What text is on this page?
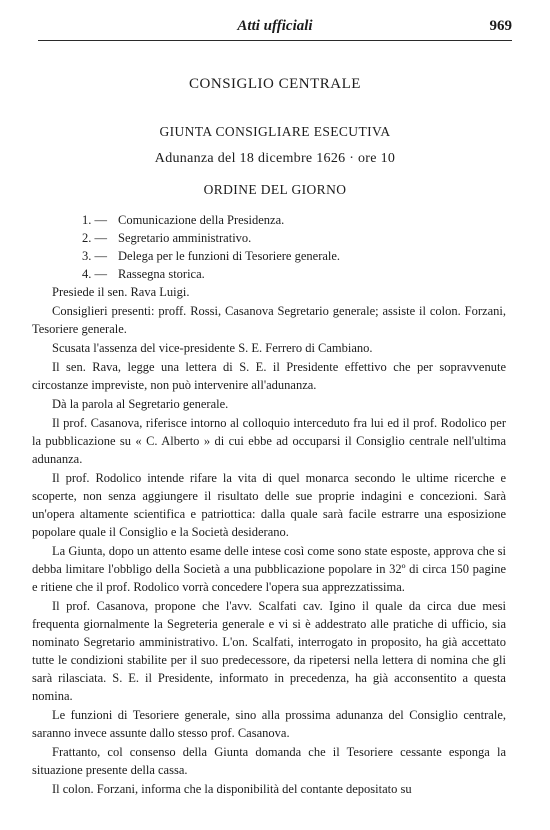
Atti ufficiali	969
CONSIGLIO CENTRALE
GIUNTA CONSIGLIARE ESECUTIVA
Adunanza del 18 dicembre 1626 · ore 10
ORDINE DEL GIORNO
1. — Comunicazione della Presidenza.
2. — Segretario amministrativo.
3. — Delega per le funzioni di Tesoriere generale.
4. — Rassegna storica.

Presiede il sen. Rava Luigi.

Consiglieri presenti: proff. Rossi, Casanova Segretario generale; assiste il colon. Forzani, Tesoriere generale.

Scusata l'assenza del vice-presidente S. E. Ferrero di Cambiano.

Il sen. Rava, legge una lettera di S. E. il Presidente effettivo che per sopravvenute circostanze impreviste, non può intervenire all'adunanza.

Dà la parola al Segretario generale.

Il prof. Casanova, riferisce intorno al colloquio interceduto fra lui ed il prof. Rodolico per la pubblicazione su « C. Alberto » di cui ebbe ad occuparsi il Consiglio centrale nell'ultima adunanza.

Il prof. Rodolico intende rifare la vita di quel monarca secondo le ultime ricerche e scoperte, non senza aggiungere il risultato delle sue proprie indagini e concezioni. Sarà un'opera altamente scientifica e patriottica: dalla quale sarà facile estrarre una esposizione popolare quale il Consiglio e la Società desiderano.

La Giunta, dopo un attento esame delle intese così come sono state esposte, approva che si debba limitare l'obbligo della Società a una pubblicazione popolare in 32º di circa 150 pagine e ritiene che il prof. Rodolico vorrà concedere l'opera sua apprezzatissima.

Il prof. Casanova, propone che l'avv. Scalfati cav. Igino il quale da circa due mesi frequenta giornalmente la Segreteria generale e vi si è addestrato alle pratiche di ufficio, sia nominato Segretario amministrativo. L'on. Scalfati, interrogato in proposito, ha già accettato tutte le condizioni stabilite per il suo predecessore, da ripetersi nella lettera di nomina che gli sarà rilasciata. S. E. il Presidente, informato in precedenza, ha già acconsentito a questa nomina.

Le funzioni di Tesoriere generale, sino alla prossima adunanza del Consiglio centrale, saranno invece assunte dallo stesso prof. Casanova.

Frattanto, col consenso della Giunta domanda che il Tesoriere cessante esponga la situazione presente della cassa.

Il colon. Forzani, informa che la disponibilità del contante depositato su
